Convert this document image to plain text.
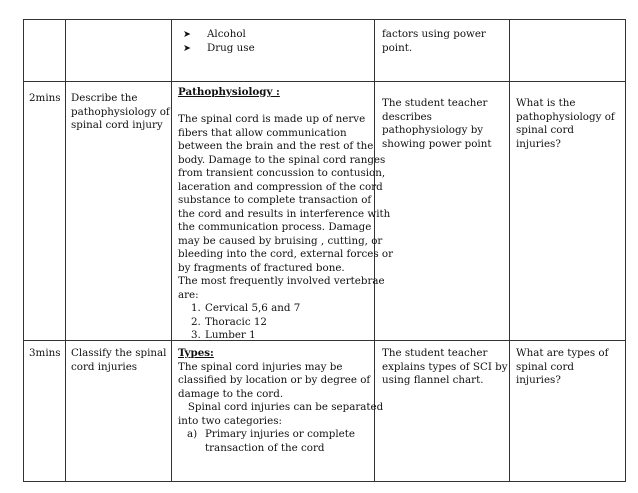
➤ Alcohol
➤ Drug use
factors using power
point.
2mins Describe the
pathophysiology of
spinal cord injury
Pathophysiology :
The spinal cord is made up of nerve
fibers that allow communication
between the brain and the rest of the
body. Damage to the spinal cord ranges
from transient concussion to contusion,
laceration and compression of the cord
substance to complete transaction of
the cord and results in interference with
the communication process. Damage
may be caused by bruising , cutting, or
bleeding into the cord, external forces or
by fragments of fractured bone.
The most frequently involved vertebrae
are:
1. Cervical 5,6 and 7
2. Thoracic 12
3. Lumber 1
The student teacher
describes
pathophysiology by
showing power point
What is the
pathophysiology of
spinal cord
injuries?
3mins Classify the spinal
cord injuries
Types:
The spinal cord injuries may be
classified by location or by degree of
damage to the cord.
Spinal cord injuries can be separated
into two categories:
a) Primary injuries or complete
transaction of the cord
The student teacher
explains types of SCI by
using flannel chart.
What are types of
spinal cord
injuries?
